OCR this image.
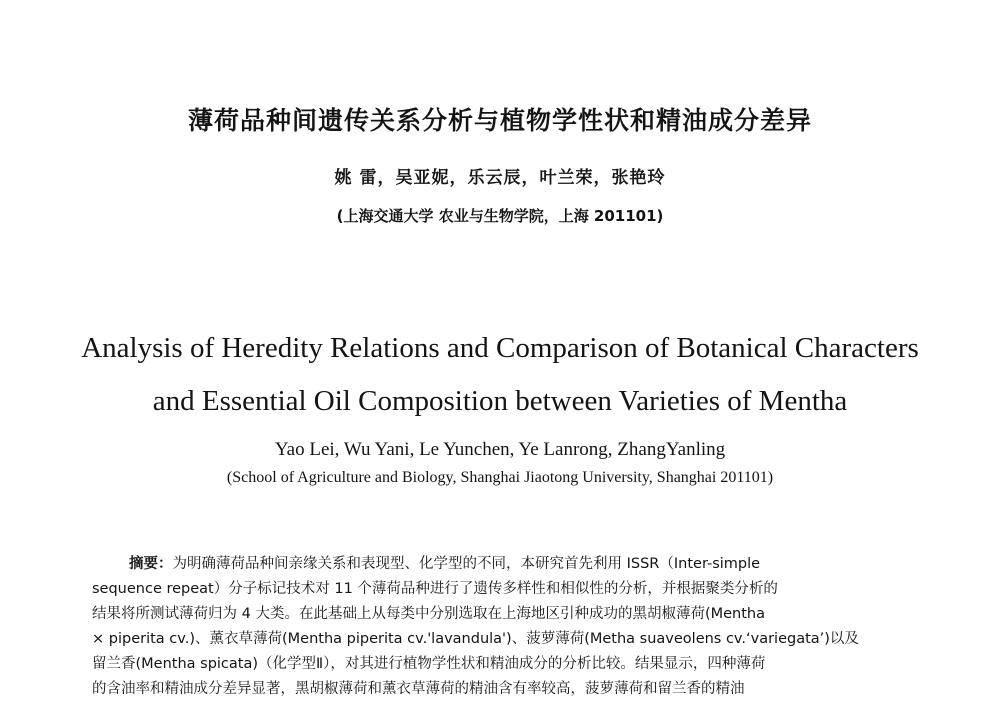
薄荷品种间遗传关系分析与植物学性状和精油成分差异
姚 雷，吴亚妮，乐云辰，叶兰荣，张艳玲
(上海交通大学 农业与生物学院，上海 201101)
Analysis of Heredity Relations and Comparison of Botanical Characters
and Essential Oil Composition between Varieties of Mentha
Yao Lei, Wu Yani, Le Yunchen, Ye Lanrong, ZhangYanling
(School of Agriculture and Biology, Shanghai Jiaotong University, Shanghai 201101)
摘要：为明确薄荷品种间亲缘关系和表现型、化学型的不同，本研究首先利用 ISSR（Inter-simple
sequence repeat）分子标记技术对 11 个薄荷品种进行了遗传多样性和相似性的分析，并根据聚类分析的
结果将所测试薄荷归为 4 大类。在此基础上从每类中分别选取在上海地区引种成功的黑胡椒薄荷(Mentha
× piperita cv.)、薰衣草薄荷(Mentha piperita cv.'lavandula')、菠萝薄荷(Metha suaveolens cv.‘variegata’)以及
留兰香(Mentha spicata)（化学型Ⅱ），对其进行植物学性状和精油成分的分析比较。结果显示，四种薄荷
的含油率和精油成分差异显著，黑胡椒薄荷和薰衣草薄荷的精油含有率较高，菠萝薄荷和留兰香的精油
